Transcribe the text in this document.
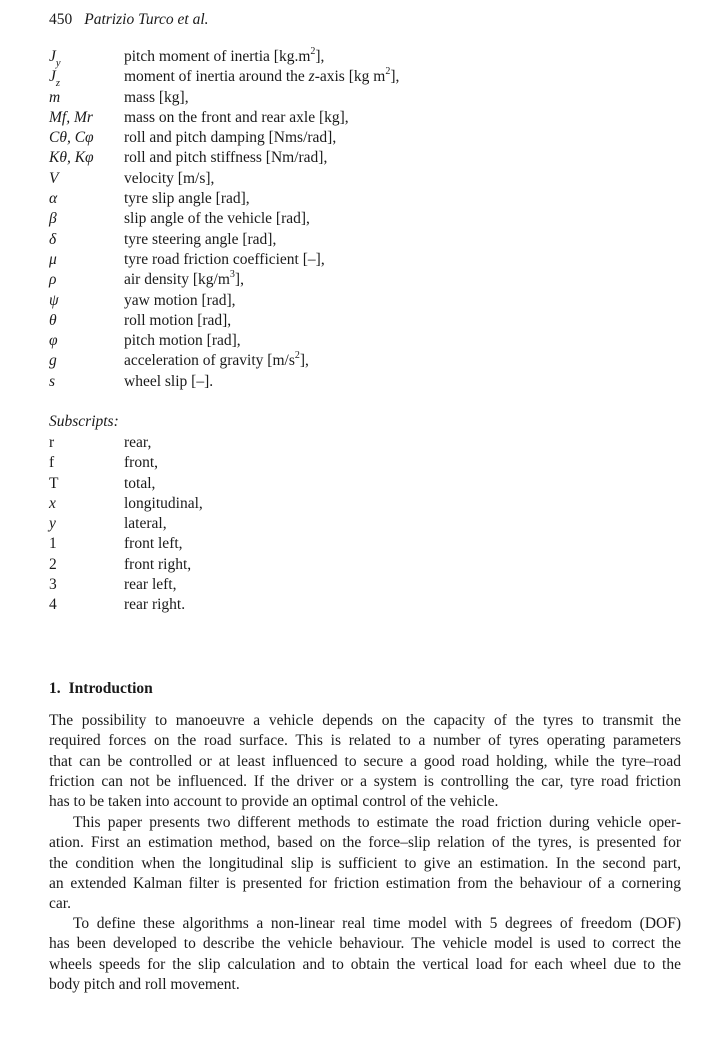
450 Patrizio Turco et al.
$J_y$	pitch moment of inertia $[kg.m^2]$,
$J_z$	moment of inertia around the z-axis [kg $m^2$],
m	mass [kg],
Mf, Mr	mass on the front and rear axle [kg],
Cθ, Cφ	roll and pitch damping [Nms/rad],
Kθ, Kφ	roll and pitch stiffness [Nm/rad],
V	velocity [m/s],
α	tyre slip angle [rad],
β	slip angle of the vehicle [rad],
δ	tyre steering angle [rad],
μ	tyre road friction coefficient [–],
ρ	air density $[kg/m^3]$,
ψ	yaw motion [rad],
θ	roll motion [rad],
φ	pitch motion [rad],
g	acceleration of gravity $[m/s^2]$,
s	wheel slip [–].
Subscripts:
r	rear,
f	front,
T	total,
x	longitudinal,
y	lateral,
1	front left,
2	front right,
3	rear left,
4	rear right.
1. Introduction
The possibility to manoeuvre a vehicle depends on the capacity of the tyres to transmit the
required forces on the road surface. This is related to a number of tyres operating parameters
that can be controlled or at least influenced to secure a good road holding, while the tyre–road
friction can not be influenced. If the driver or a system is controlling the car, tyre road friction
has to be taken into account to provide an optimal control of the vehicle.
This paper presents two different methods to estimate the road friction during vehicle oper-
ation. First an estimation method, based on the force–slip relation of the tyres, is presented for
the condition when the longitudinal slip is sufficient to give an estimation. In the second part,
an extended Kalman filter is presented for friction estimation from the behaviour of a cornering
car.
To define these algorithms a non-linear real time model with 5 degrees of freedom (DOF)
has been developed to describe the vehicle behaviour. The vehicle model is used to correct the
wheels speeds for the slip calculation and to obtain the vertical load for each wheel due to the
body pitch and roll movement.
